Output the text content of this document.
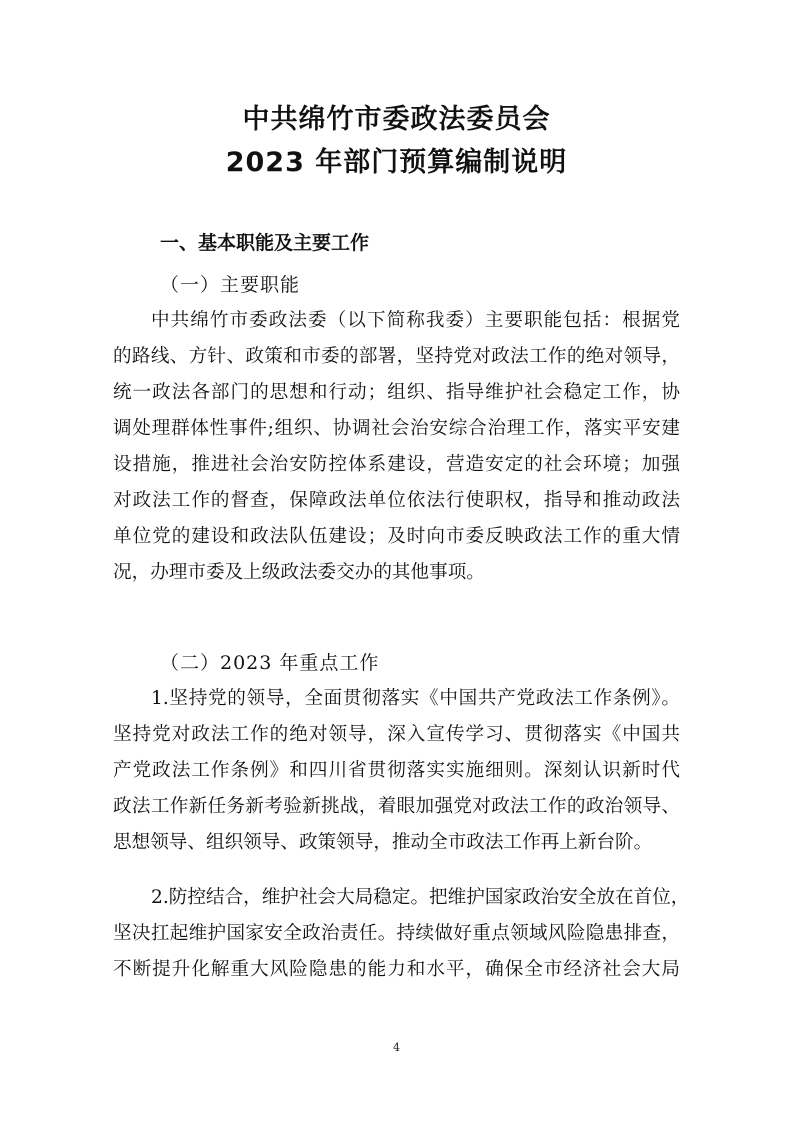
中共绵竹市委政法委员会
2023 年部门预算编制说明
一、基本职能及主要工作
（一）主要职能
中共绵竹市委政法委（以下简称我委）主要职能包括：根据党
的路线、方针、政策和市委的部署，坚持党对政法工作的绝对领导，
统一政法各部门的思想和行动；组织、指导维护社会稳定工作，协
调处理群体性事件;组织、协调社会治安综合治理工作，落实平安建
设措施，推进社会治安防控体系建设，营造安定的社会环境；加强
对政法工作的督查，保障政法单位依法行使职权，指导和推动政法
单位党的建设和政法队伍建设；及时向市委反映政法工作的重大情
况，办理市委及上级政法委交办的其他事项。
（二）2023 年重点工作
1.坚持党的领导，全面贯彻落实《中国共产党政法工作条例》。
坚持党对政法工作的绝对领导，深入宣传学习、贯彻落实《中国共
产党政法工作条例》和四川省贯彻落实实施细则。深刻认识新时代
政法工作新任务新考验新挑战，着眼加强党对政法工作的政治领导、
思想领导、组织领导、政策领导，推动全市政法工作再上新台阶。
2.防控结合，维护社会大局稳定。把维护国家政治安全放在首位，
坚决扛起维护国家安全政治责任。持续做好重点领域风险隐患排查，
不断提升化解重大风险隐患的能力和水平，确保全市经济社会大局
4
